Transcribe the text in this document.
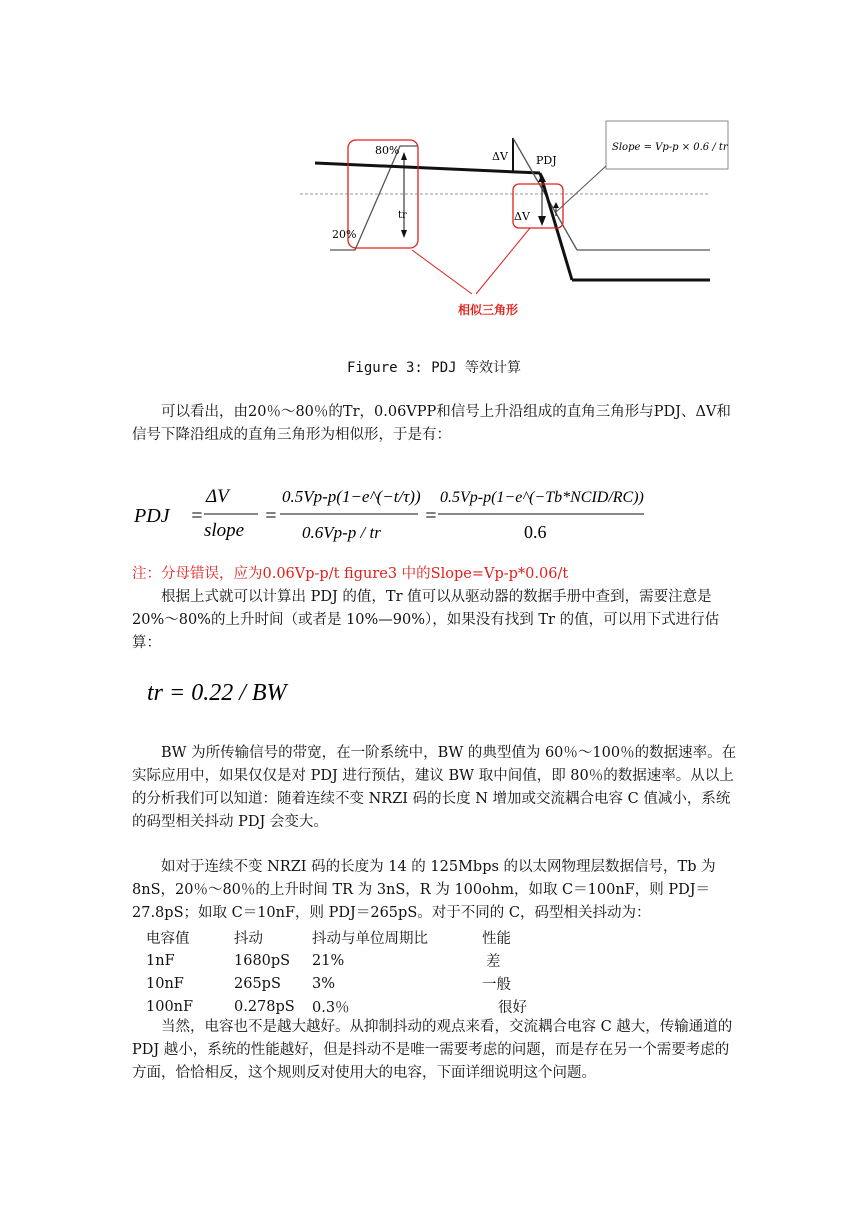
80%
20%
tr
ΔV
ΔV
PDJ
相似三角形
Slope = Vp-p × 0.6 / tr
Figure 3: PDJ 等效计算

可以看出，由20％～80％的Tr，0.06VPP和信号上升沿组成的直角三角形与PDJ、ΔV和信号下降沿组成的直角三角形为相似形，于是有：

PDJ =
ΔV
slope
=
0.5Vp-p(1−e^(−t/τ))
0.6Vp-p / tr
=
0.5Vp-p(1−e^(−Tb*NCID/RC))
0.6
注：分母错误，应为0.06Vp-p/t figure3 中的Slope=Vp-p*0.06/t

根据上式就可以计算出 PDJ 的值，Tr 值可以从驱动器的数据手册中查到，需要注意是 20%～80%的上升时间（或者是 10%—90%），如果没有找到 Tr 的值，可以用下式进行估算：

tr = 0.22 / BW

BW 为所传输信号的带宽，在一阶系统中，BW 的典型值为 60％～100％的数据速率。在实际应用中，如果仅仅是对 PDJ 进行预估，建议 BW 取中间值，即 80％的数据速率。从以上的分析我们可以知道：随着连续不变 NRZI 码的长度 N 增加或交流耦合电容 C 值减小，系统的码型相关抖动 PDJ 会变大。

如对于连续不变 NRZI 码的长度为 14 的 125Mbps 的以太网物理层数据信号，Tb 为 8nS，20％～80％的上升时间 TR 为 3nS，R 为 100ohm，如取 C＝100nF，则 PDJ＝27.8pS；如取 C＝10nF，则 PDJ＝265pS。对于不同的 C，码型相关抖动为：

电容值	抖动	抖动与单位周期比	性能
1nF	1680pS	21%	差
10nF	265pS	3%	一般
100nF	0.278pS	0.3％	很好

当然，电容也不是越大越好。从抑制抖动的观点来看，交流耦合电容 C 越大，传输通道的 PDJ 越小，系统的性能越好，但是抖动不是唯一需要考虑的问题，而是存在另一个需要考虑的方面，恰恰相反，这个规则反对使用大的电容，下面详细说明这个问题。
